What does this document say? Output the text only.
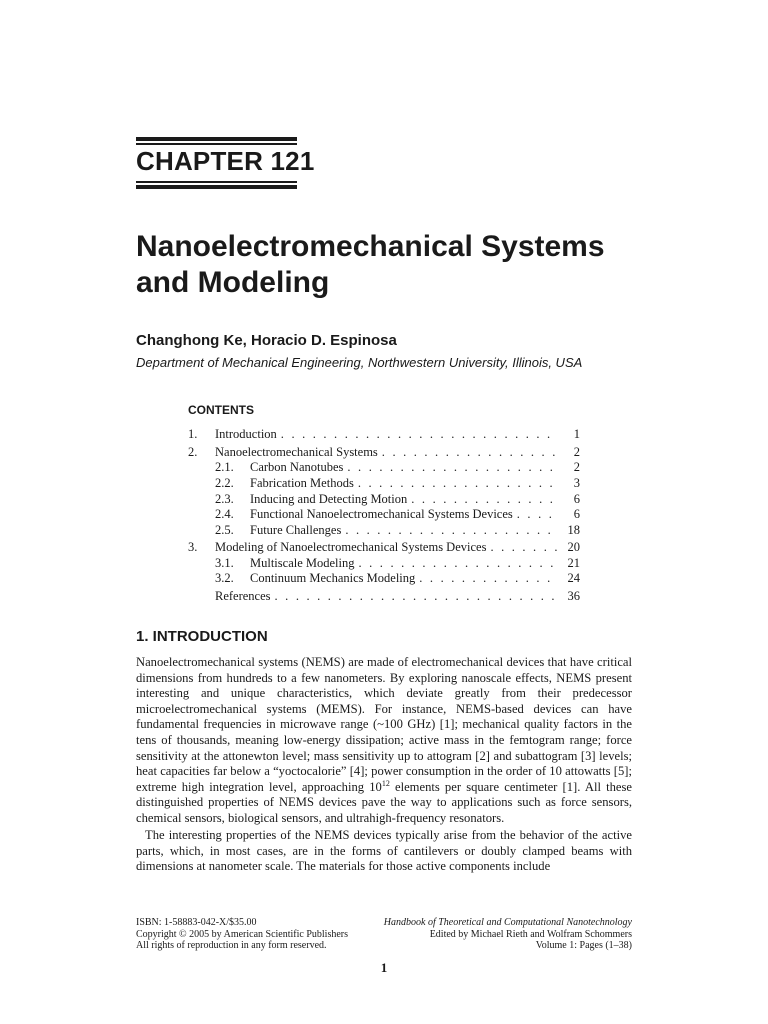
CHAPTER 121
Nanoelectromechanical Systems
and Modeling
Changhong Ke, Horacio D. Espinosa
Department of Mechanical Engineering, Northwestern University, Illinois, USA
CONTENTS
1. Introduction . . .	1
2. Nanoelectromechanical Systems . . .	2
2.1. Carbon Nanotubes . . .	2
2.2. Fabrication Methods . . .	3
2.3. Inducing and Detecting Motion . . .	6
2.4. Functional Nanoelectromechanical Systems Devices . . .	6
2.5. Future Challenges . . .	18
3. Modeling of Nanoelectromechanical Systems Devices . . .	20
3.1. Multiscale Modeling . . .	21
3.2. Continuum Mechanics Modeling . . .	24
References . . .	36
1. INTRODUCTION

Nanoelectromechanical systems (NEMS) are made of electromechanical devices that have critical dimensions from hundreds to a few nanometers. By exploring nanoscale effects, NEMS present interesting and unique characteristics, which deviate greatly from their predecessor microelectromechanical systems (MEMS). For instance, NEMS-based devices can have fundamental frequencies in microwave range (~100 GHz) [1]; mechanical quality factors in the tens of thousands, meaning low-energy dissipation; active mass in the femtogram range; force sensitivity at the attonewton level; mass sensitivity up to attogram [2] and subattogram [3] levels; heat capacities far below a “yoctocalorie” [4]; power consumption in the order of 10 attowatts [5]; extreme high integration level, approaching $10^{12}$ elements per square centimeter [1]. All these distinguished properties of NEMS devices pave the way to applications such as force sensors, chemical sensors, biological sensors, and ultrahigh-frequency resonators.

The interesting properties of the NEMS devices typically arise from the behavior of the active parts, which, in most cases, are in the forms of cantilevers or doubly clamped beams with dimensions at nanometer scale. The materials for those active components include

ISBN: 1-58883-042-X/$35.00
Copyright © 2005 by American Scientific Publishers
All rights of reproduction in any form reserved.
Handbook of Theoretical and Computational Nanotechnology
Edited by Michael Rieth and Wolfram Schommers
Volume 1: Pages (1–38)
1
